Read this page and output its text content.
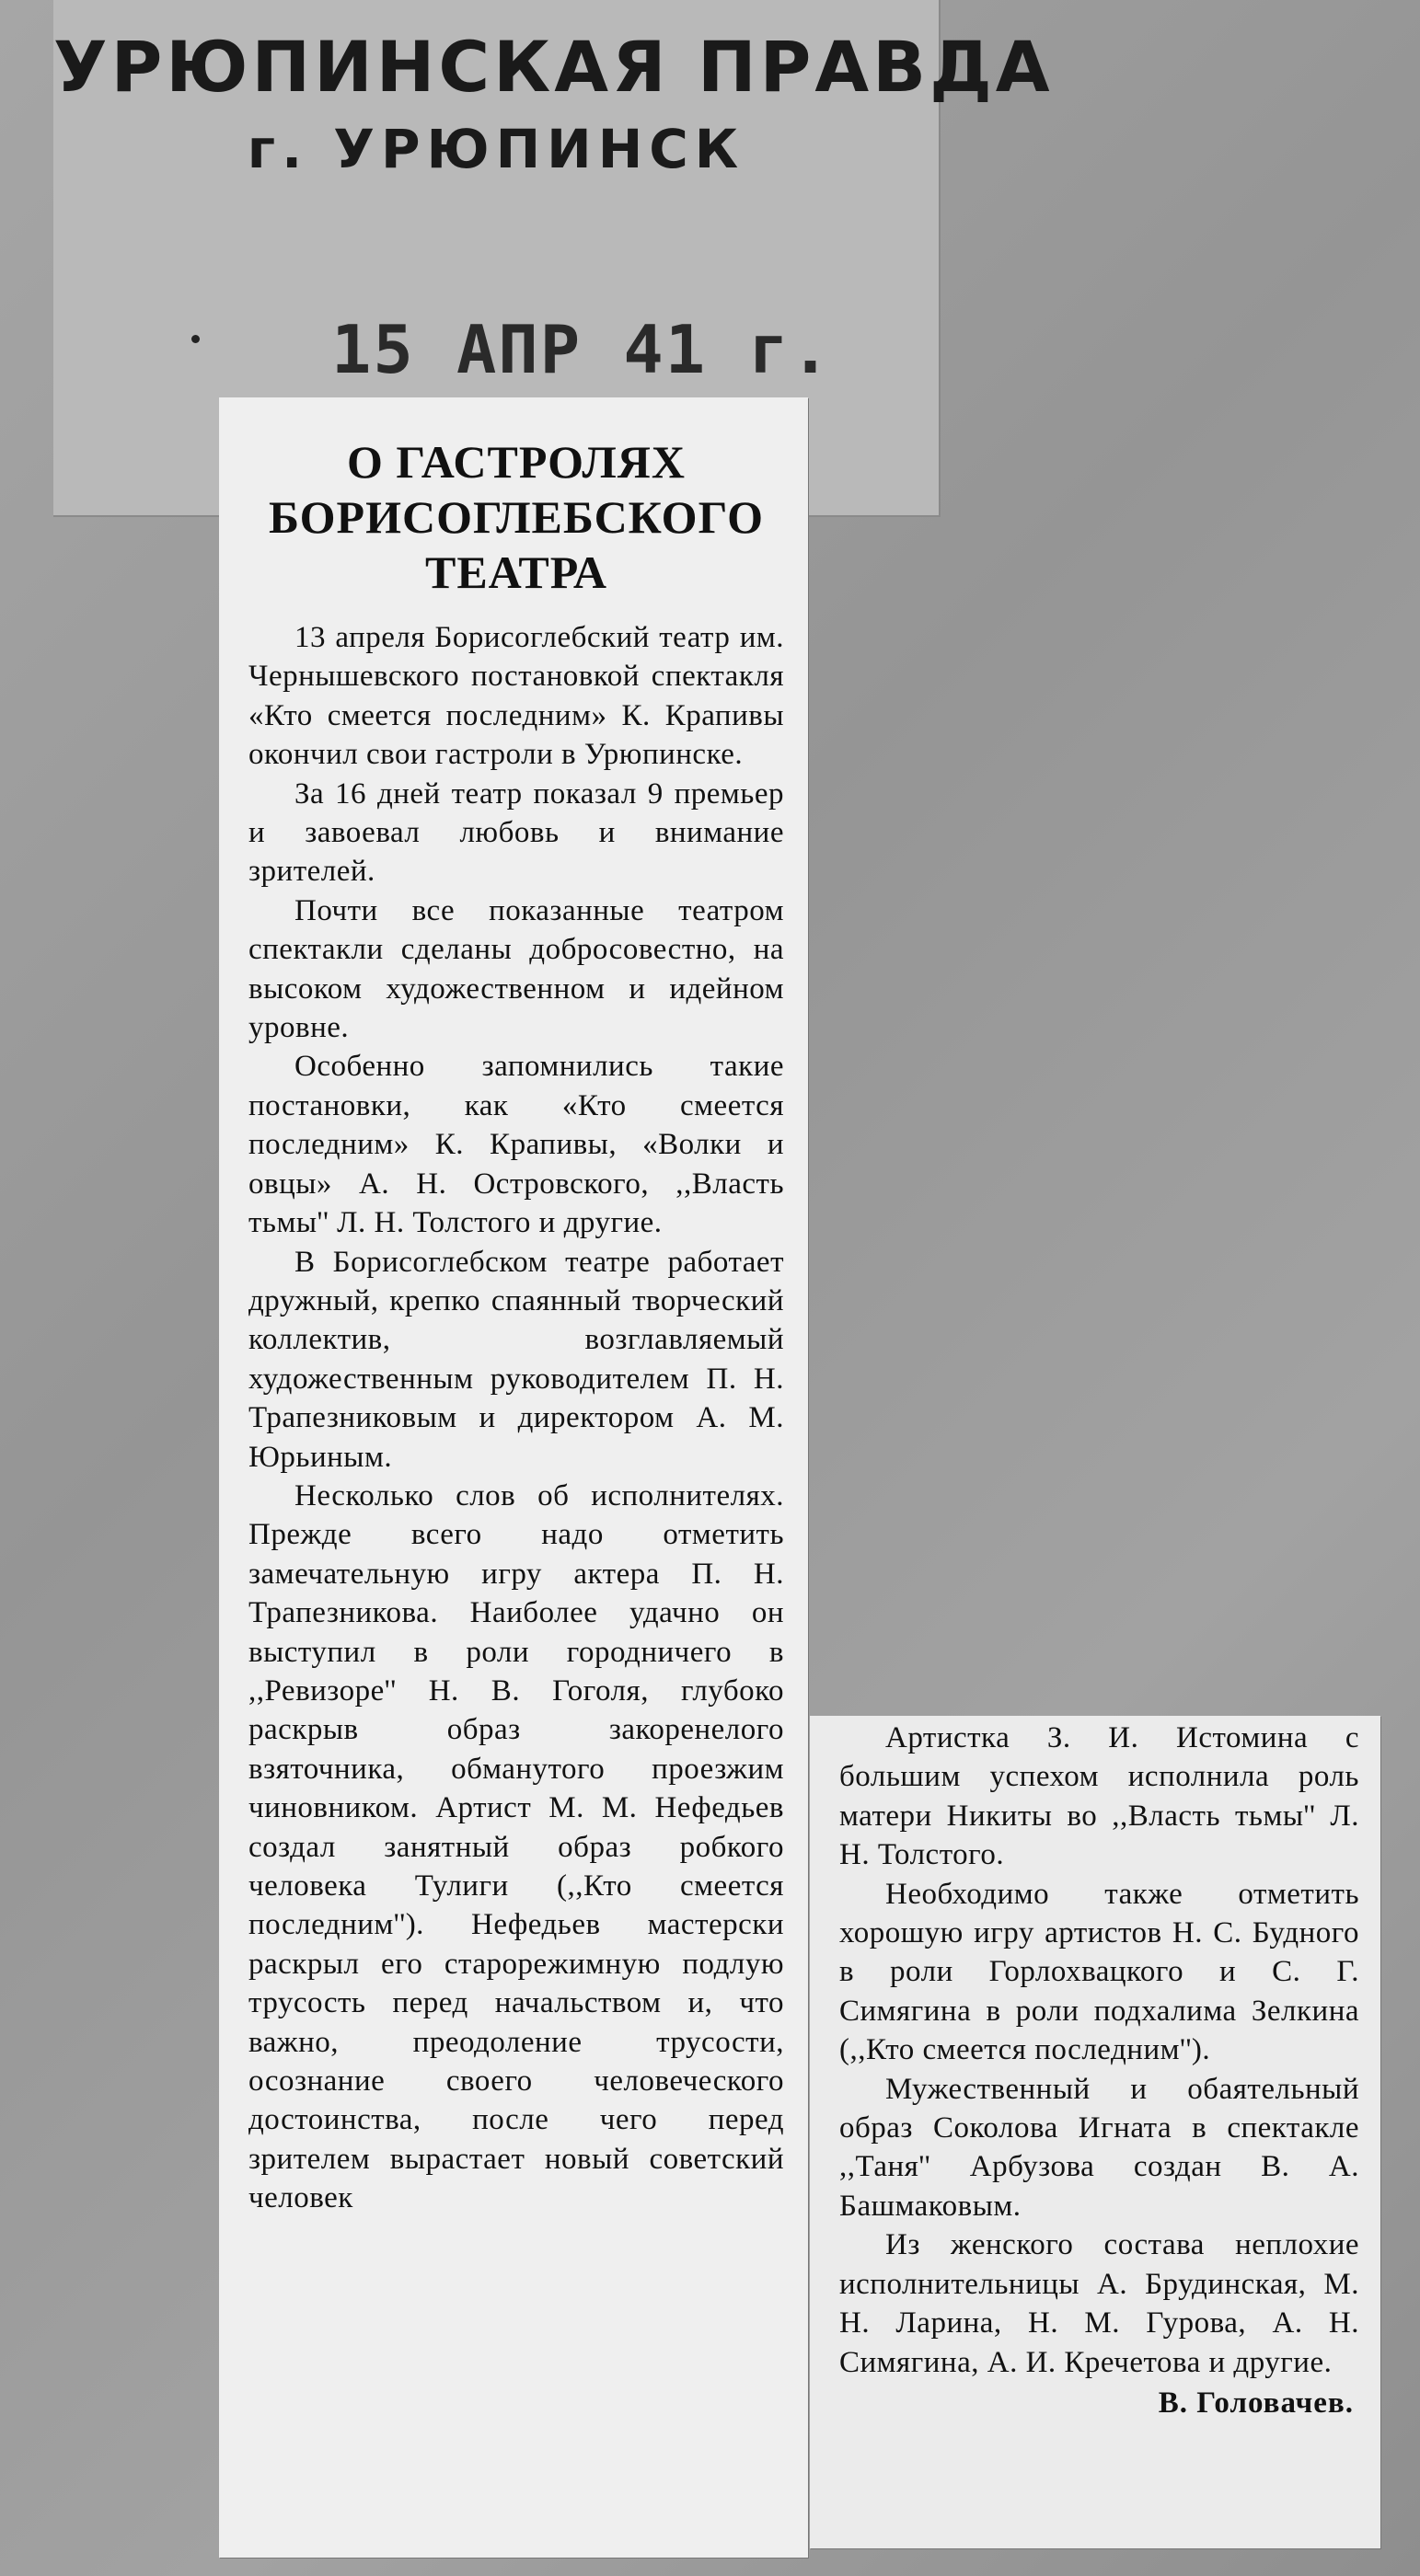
УРЮПИНСКАЯ ПРАВДА
г. УРЮПИНСК
15 АПР 41 г.
О ГАСТРОЛЯХ
БОРИСОГЛЕБСКОГО
ТЕАТРА

13 апреля Борисоглебский театр им. Чернышевского постановкой спектакля «Кто смеется последним» К. Крапивы окончил свои гастроли в Урюпинске.

За 16 дней театр показал 9 премьер и завоевал любовь и внимание зрителей.

Почти все показанные театром спектакли сделаны добросовестно, на высоком художественном и идейном уровне.

Особенно запомнились такие постановки, как «Кто смеется последним» К. Крапивы, «Волки и овцы» А. Н. Островского, ,,Власть тьмы'' Л. Н. Толстого и другие.

В Борисоглебском театре работает дружный, крепко спаянный творческий коллектив, возглавляемый художественным руководителем П. Н. Трапезниковым и директором А. М. Юрьиным.

Несколько слов об исполнителях. Прежде всего надо отметить замечательную игру актера П. Н. Трапезникова. Наиболее удачно он выступил в роли городничего в ,,Ревизоре'' Н. В. Гоголя, глубоко раскрыв образ закоренелого взяточника, обманутого проезжим чиновником. Артист М. М. Нефедьев создал занятный образ робкого человека Тулиги (,,Кто смеется последним''). Нефедьев мастерски раскрыл его старорежимную подлую трусость перед начальством и, что важно, преодоление трусости, осознание своего человеческого достоинства, после чего перед зрителем вырастает новый советский человек

Артистка З. И. Истомина с большим успехом исполнила роль матери Никиты во ,,Власть тьмы'' Л. Н. Толстого.

Необходимо также отметить хорошую игру артистов Н. С. Будного в роли Горлохвацкого и С. Г. Симягина в роли подхалима Зелкина (,,Кто смеется последним'').

Мужественный и обаятельный образ Соколова Игната в спектакле ,,Таня'' Арбузова создан В. А. Башмаковым.

Из женского состава неплохие исполнительницы А. Брудинская, М. Н. Ларина, Н. М. Гурова, А. Н. Симягина, А. И. Кречетова и другие.

В. Головачев.
